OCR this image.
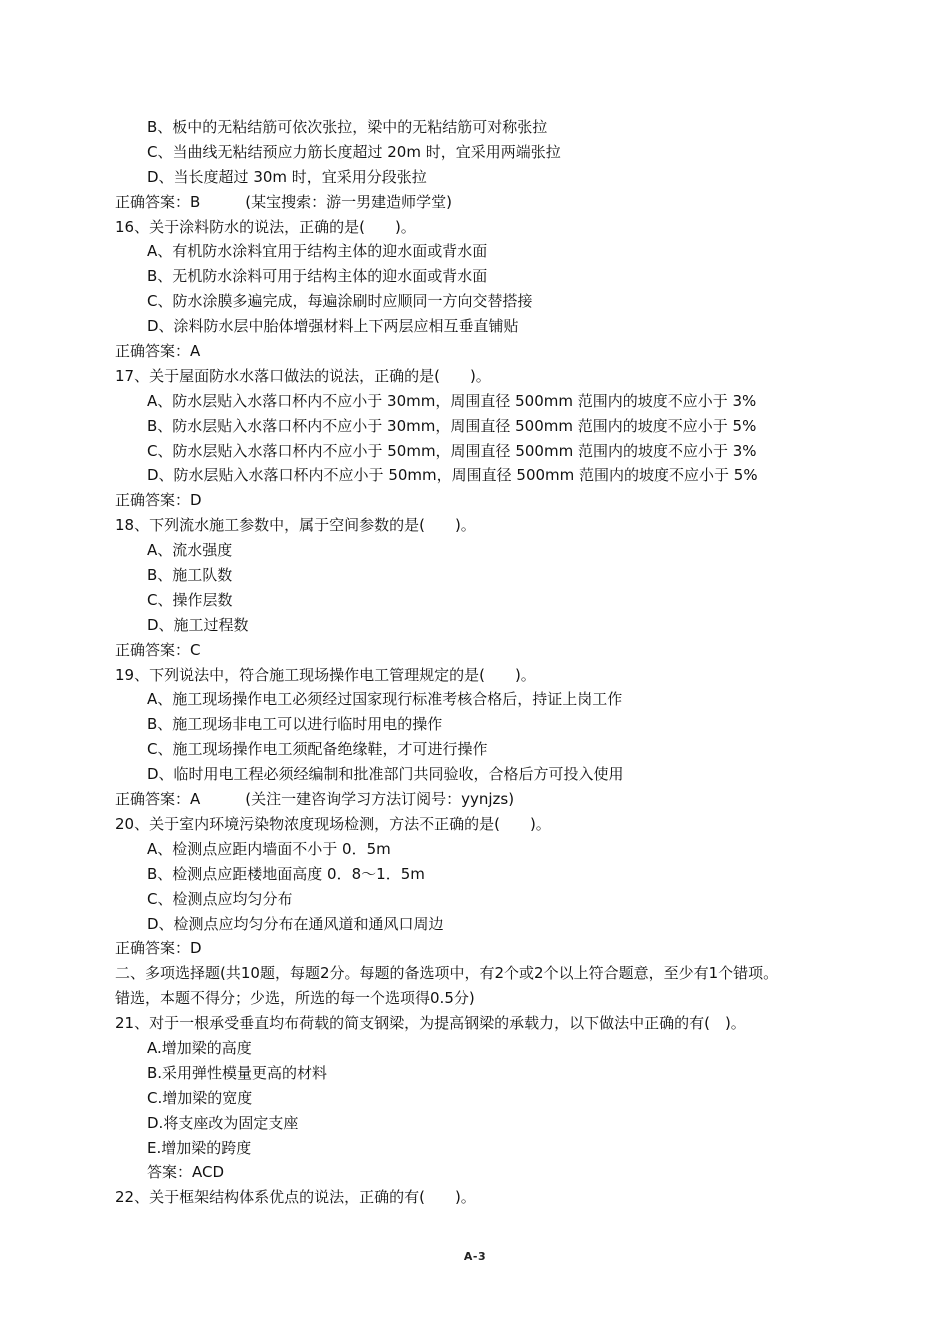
B、板中的无粘结筋可依次张拉，梁中的无粘结筋可对称张拉
C、当曲线无粘结预应力筋长度超过 20m 时，宜采用两端张拉
D、当长度超过 30m 时，宜采用分段张拉
正确答案：B　　　(某宝搜索：游一男建造师学堂)
16、关于涂料防水的说法，正确的是(　　)。
A、有机防水涂料宜用于结构主体的迎水面或背水面
B、无机防水涂料可用于结构主体的迎水面或背水面
C、防水涂膜多遍完成，每遍涂刷时应顺同一方向交替搭接
D、涂料防水层中胎体增强材料上下两层应相互垂直铺贴
正确答案：A
17、关于屋面防水水落口做法的说法，正确的是(　　)。
A、防水层贴入水落口杯内不应小于 30mm，周围直径 500mm 范围内的坡度不应小于 3%
B、防水层贴入水落口杯内不应小于 30mm，周围直径 500mm 范围内的坡度不应小于 5%
C、防水层贴入水落口杯内不应小于 50mm，周围直径 500mm 范围内的坡度不应小于 3%
D、防水层贴入水落口杯内不应小于 50mm，周围直径 500mm 范围内的坡度不应小于 5%
正确答案：D
18、下列流水施工参数中，属于空间参数的是(　　)。
A、流水强度
B、施工队数
C、操作层数
D、施工过程数
正确答案：C
19、下列说法中，符合施工现场操作电工管理规定的是(　　)。
A、施工现场操作电工必须经过国家现行标准考核合格后，持证上岗工作
B、施工现场非电工可以进行临时用电的操作
C、施工现场操作电工须配备绝缘鞋，才可进行操作
D、临时用电工程必须经编制和批准部门共同验收，合格后方可投入使用
正确答案：A　　　(关注一建咨询学习方法订阅号：yynjzs)
20、关于室内环境污染物浓度现场检测，方法不正确的是(　　)。
A、检测点应距内墙面不小于 0．5m
B、检测点应距楼地面高度 0．8～1．5m
C、检测点应均匀分布
D、检测点应均匀分布在通风道和通风口周边
正确答案：D
二、多项选择题(共10题，每题2分。每题的备选项中，有2个或2个以上符合题意，至少有1个错项。
错选，本题不得分；少选，所选的每一个选项得0.5分)
21、对于一根承受垂直均布荷载的简支钢梁，为提高钢梁的承载力，以下做法中正确的有(　)。
A.增加梁的高度
B.采用弹性模量更高的材料
C.增加梁的宽度
D.将支座改为固定支座
E.增加梁的跨度
答案：ACD
22、关于框架结构体系优点的说法，正确的有(　　)。
A-3
